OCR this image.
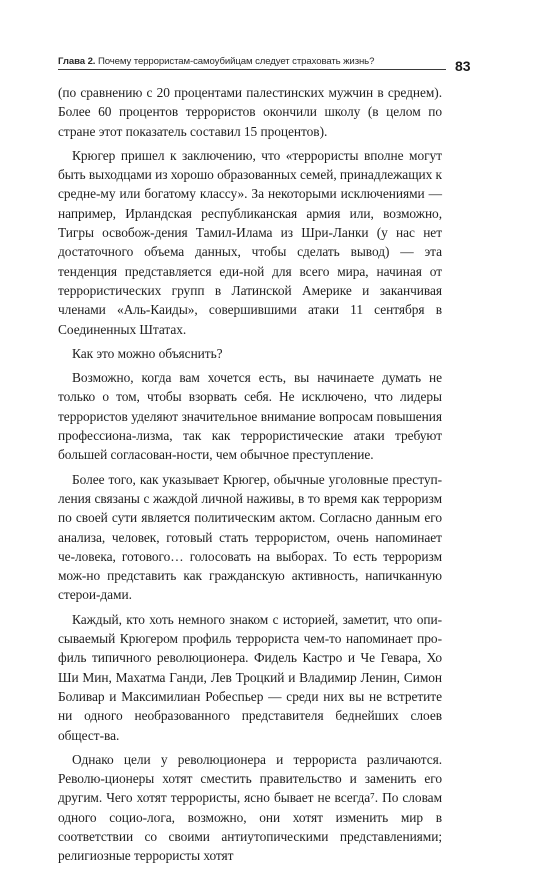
Глава 2. Почему террористам-самоубийцам следует страховать жизнь?	83

(по сравнению с 20 процентами палестинских мужчин в среднем). Более 60 процентов террористов окончили школу (в целом по стране этот показатель составил 15 процентов).

Крюгер пришел к заключению, что «террористы вполне могут быть выходцами из хорошо образованных семей, принадлежащих к средне-му или богатому классу». За некоторыми исключениями — например, Ирландская республиканская армия или, возможно, Тигры освобож-дения Тамил-Илама из Шри-Ланки (у нас нет достаточного объема данных, чтобы сделать вывод) — эта тенденция представляется еди-ной для всего мира, начиная от террористических групп в Латинской Америке и заканчивая членами «Аль-Каиды», совершившими атаки 11 сентября в Соединенных Штатах.

Как это можно объяснить?

Возможно, когда вам хочется есть, вы начинаете думать не только о том, чтобы взорвать себя. Не исключено, что лидеры террористов уделяют значительное внимание вопросам повышения профессиона-лизма, так как террористические атаки требуют большей согласован-ности, чем обычное преступление.

Более того, как указывает Крюгер, обычные уголовные преступ-ления связаны с жаждой личной наживы, в то время как терроризм по своей сути является политическим актом. Согласно данным его анализа, человек, готовый стать террористом, очень напоминает че-ловека, готового… голосовать на выборах. То есть терроризм мож-но представить как гражданскую активность, напичканную стерои-дами.

Каждый, кто хоть немного знаком с историей, заметит, что опи-сываемый Крюгером профиль террориста чем-то напоминает про-филь типичного революционера. Фидель Кастро и Че Гевара, Хо Ши Мин, Махатма Ганди, Лев Троцкий и Владимир Ленин, Симон Боливар и Максимилиан Робеспьер — среди них вы не встретите ни одного необразованного представителя беднейших слоев общест-ва.

Однако цели у революционера и террориста различаются. Револю-ционеры хотят сместить правительство и заменить его другим. Чего хотят террористы, ясно бывает не всегда⁷. По словам одного социо-лога, возможно, они хотят изменить мир в соответствии со своими антиутопическими представлениями; религиозные террористы хотят
